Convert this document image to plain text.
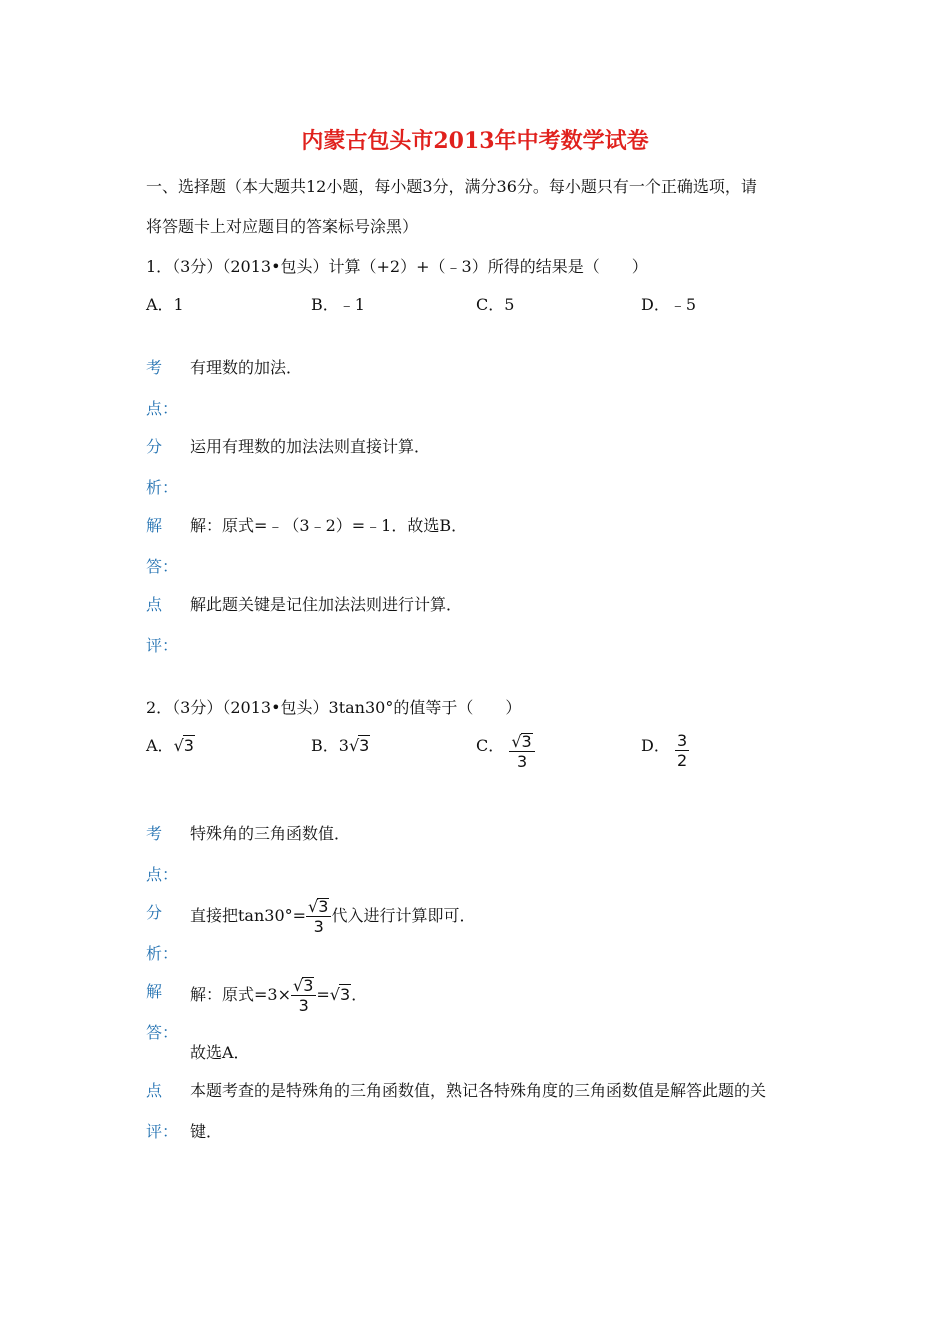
内蒙古包头市2013年中考数学试卷
一、选择题（本大题共12小题，每小题3分，满分36分。每小题只有一个正确选项，请
将答题卡上对应题目的答案标号涂黑）
1．（3分）（2013•包头）计算（+2）+（﹣3）所得的结果是（　　）
A．1	B．﹣1	C．5	D．﹣5
考 有理数的加法．
点：
分 运用有理数的加法法则直接计算．
析：
解 解：原式=﹣（3﹣2）=﹣1．故选B．
答：
点 解此题关键是记住加法法则进行计算．
评：
2．（3分）（2013•包头）3tan30°的值等于（　　）
A．√3	B．3√3	C． $\frac{√3}{3}$	D． $\frac{3}{2}$
考 特殊角的三角函数值．
点：
分 直接把$\tan 30^\circ= \frac{√3}{3}$ 代入进行计算即可．
析：
解 解：原式$=3\times \frac{√3}{3} =√3$．
答：
故选A．
点 本题考查的是特殊角的三角函数值，熟记各特殊角度的三角函数值是解答此题的关
评： 键．
